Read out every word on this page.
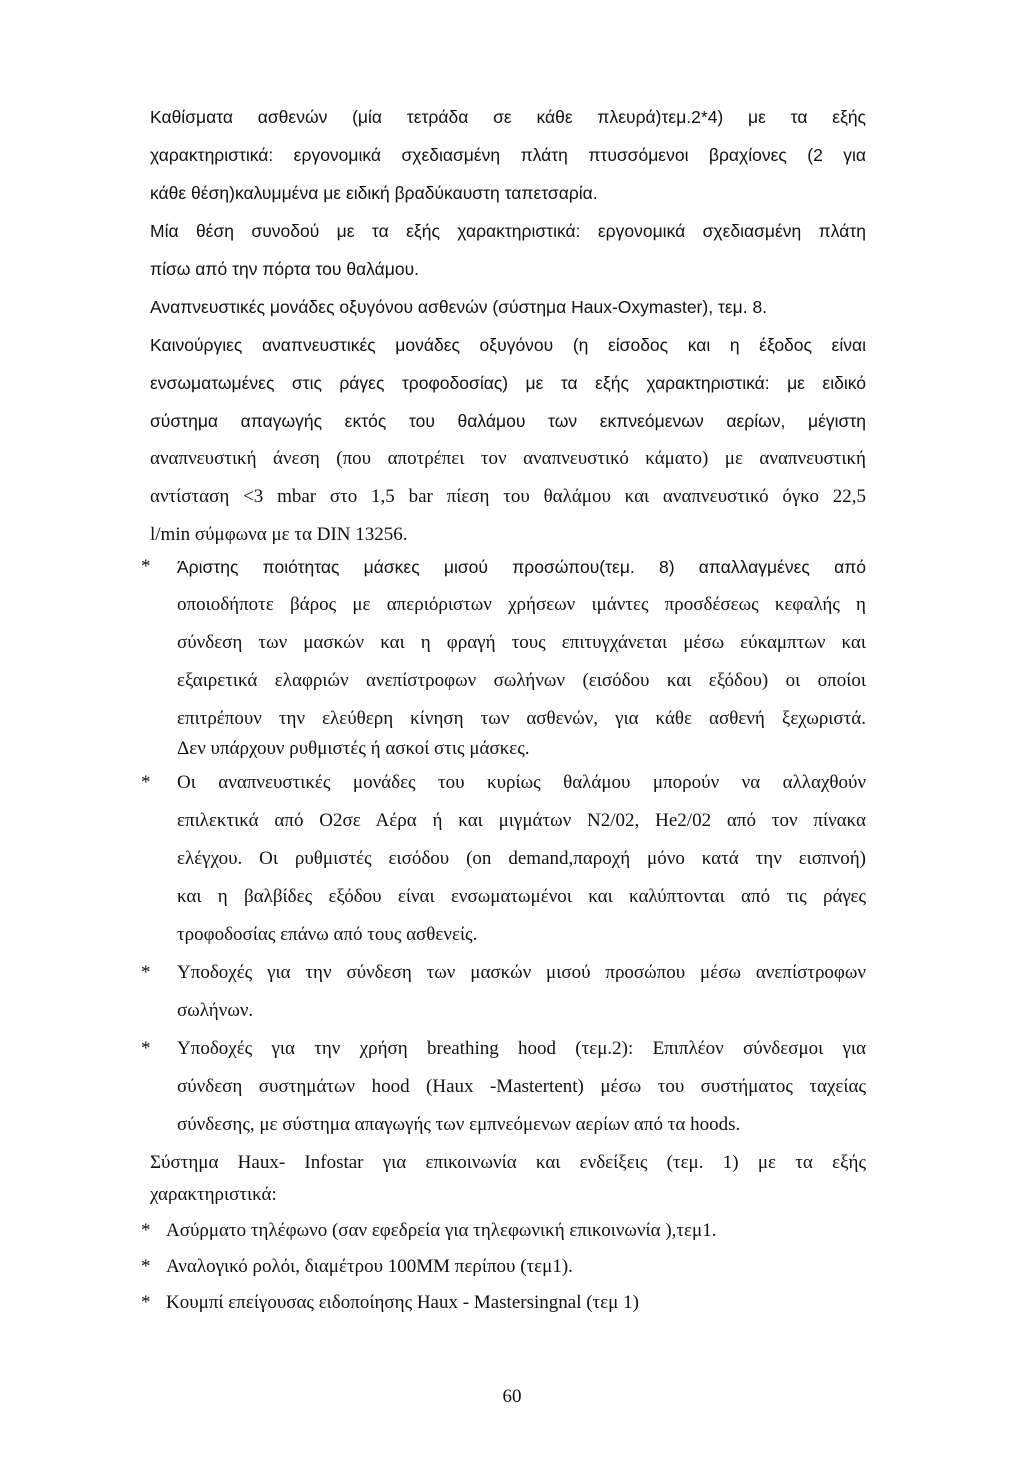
Καθίσματα ασθενών (μία τετράδα σε κάθε πλευρά)τεμ.2*4) με τα εξής
χαρακτηριστικά: εργονομικά σχεδιασμένη πλάτη πτυσσόμενοι βραχίονες (2 για
κάθε θέση)καλυμμένα με ειδική βραδύκαυστη ταπετσαρία.
Μία θέση συνοδού με τα εξής χαρακτηριστικά: εργονομικά σχεδιασμένη πλάτη
πίσω από την πόρτα του θαλάμου.
Αναπνευστικές μονάδες οξυγόνου ασθενών (σύστημα Haux-Oxymaster), τεμ. 8.
Καινούργιες αναπνευστικές μονάδες οξυγόνου (η είσοδος και η έξοδος είναι
ενσωματωμένες στις ράγες τροφοδοσίας) με τα εξής χαρακτηριστικά: με ειδικό
σύστημα απαγωγής εκτός του θαλάμου των εκπνεόμενων αερίων, μέγιστη
αναπνευστική άνεση (που αποτρέπει τον αναπνευστικό κάματο) με αναπνευστική
αντίσταση <3 mbar στο 1,5 bar πίεση του θαλάμου και αναπνευστικό όγκο 22,5
l/min σύμφωνα με τα DIN 13256.
* Άριστης ποιότητας μάσκες μισού προσώπου(τεμ. 8) απαλλαγμένες από
οποιοδήποτε βάρος με απεριόριστων χρήσεων ιμάντες προσδέσεως κεφαλής η
σύνδεση των μασκών και η φραγή τους επιτυγχάνεται μέσω εύκαμπτων και
εξαιρετικά ελαφριών ανεπίστροφων σωλήνων (εισόδου και εξόδου) οι οποίοι
επιτρέπουν την ελεύθερη κίνηση των ασθενών, για κάθε ασθενή ξεχωριστά.
Δεν υπάρχουν ρυθμιστές ή ασκοί στις μάσκες.
* Οι αναπνευστικές μονάδες του κυρίως θαλάμου μπορούν να αλλαχθούν
επιλεκτικά από Ο2σε Αέρα ή και μιγμάτων Ν2/02, He2/02 από τον πίνακα
ελέγχου. Οι ρυθμιστές εισόδου (on demand,παροχή μόνο κατά την εισπνοή)
και η βαλβίδες εξόδου είναι ενσωματωμένοι και καλύπτονται από τις ράγες
τροφοδοσίας επάνω από τους ασθενείς.
* Υποδοχές για την σύνδεση των μασκών μισού προσώπου μέσω ανεπίστροφων
σωλήνων.
* Υποδοχές για την χρήση breathing hood (τεμ.2): Επιπλέον σύνδεσμοι για
σύνδεση συστημάτων hood (Haux -Mastertent) μέσω του συστήματος ταχείας
σύνδεσης, με σύστημα απαγωγής των εμπνεόμενων αερίων από τα hoods.
Σύστημα Haux- Infostar για επικοινωνία και ενδείξεις (τεμ. 1) με τα εξής
χαρακτηριστικά:
* Ασύρματο τηλέφωνο (σαν εφεδρεία για τηλεφωνική επικοινωνία ),τεμ1.
* Αναλογικό ρολόι, διαμέτρου 100ΜΜ περίπου (τεμ1).
* Κουμπί επείγουσας ειδοποίησης Haux - Mastersingnal (τεμ 1)
60
